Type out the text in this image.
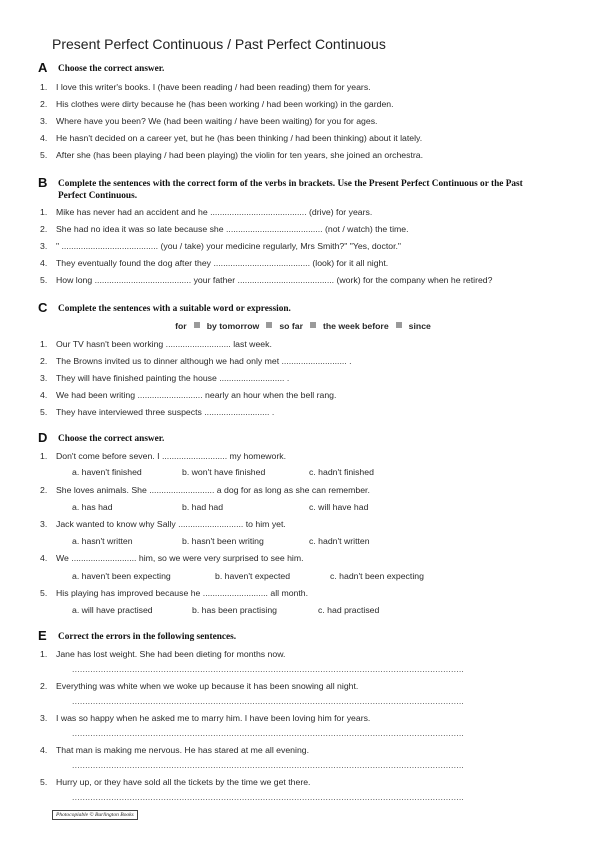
Present Perfect Continuous / Past Perfect Continuous
A Choose the correct answer.
1. I love this writer's books. I (have been reading / had been reading) them for years.
2. His clothes were dirty because he (has been working / had been working) in the garden.
3. Where have you been? We (had been waiting / have been waiting) for you for ages.
4. He hasn't decided on a career yet, but he (has been thinking / had been thinking) about it lately.
5. After she (has been playing / had been playing) the violin for ten years, she joined an orchestra.
B Complete the sentences with the correct form of the verbs in brackets. Use the Present Perfect Continuous or the Past Perfect Continuous.
1. Mike has never had an accident and he ........................................ (drive) for years.
2. She had no idea it was so late because she ........................................ (not / watch) the time.
3. " ........................................ (you / take) your medicine regularly, Mrs Smith?" "Yes, doctor."
4. They eventually found the dog after they ........................................ (look) for it all night.
5. How long ........................................ your father ........................................ (work) for the company when he retired?
C Complete the sentences with a suitable word or expression.
for by tomorrow so far the week before since
1. Our TV hasn't been working ........................... last week.
2. The Browns invited us to dinner although we had only met ........................... .
3. They will have finished painting the house ........................... .
4. We had been writing ........................... nearly an hour when the bell rang.
5. They have interviewed three suspects ........................... .
D Choose the correct answer.
1. Don't come before seven. I ........................... my homework.
a. haven't finished	b. won't have finished	c. hadn't finished
2. She loves animals. She ........................... a dog for as long as she can remember.
a. has had	b. had had	c. will have had
3. Jack wanted to know why Sally ........................... to him yet.
a. hasn't written	b. hasn't been writing	c. hadn't written
4. We ........................... him, so we were very surprised to see him.
a. haven't been expecting	b. haven't expected	c. hadn't been expecting
5. His playing has improved because he ........................... all month.
a. will have practised	b. has been practising	c. had practised
E Correct the errors in the following sentences.
1. Jane has lost weight. She had been dieting for months now.
......................................................................................................................................................
2. Everything was white when we woke up because it has been snowing all night.
......................................................................................................................................................
3. I was so happy when he asked me to marry him. I have been loving him for years.
......................................................................................................................................................
4. That man is making me nervous. He has stared at me all evening.
......................................................................................................................................................
5. Hurry up, or they have sold all the tickets by the time we get there.
......................................................................................................................................................
Photocopiable © Burlington Books
